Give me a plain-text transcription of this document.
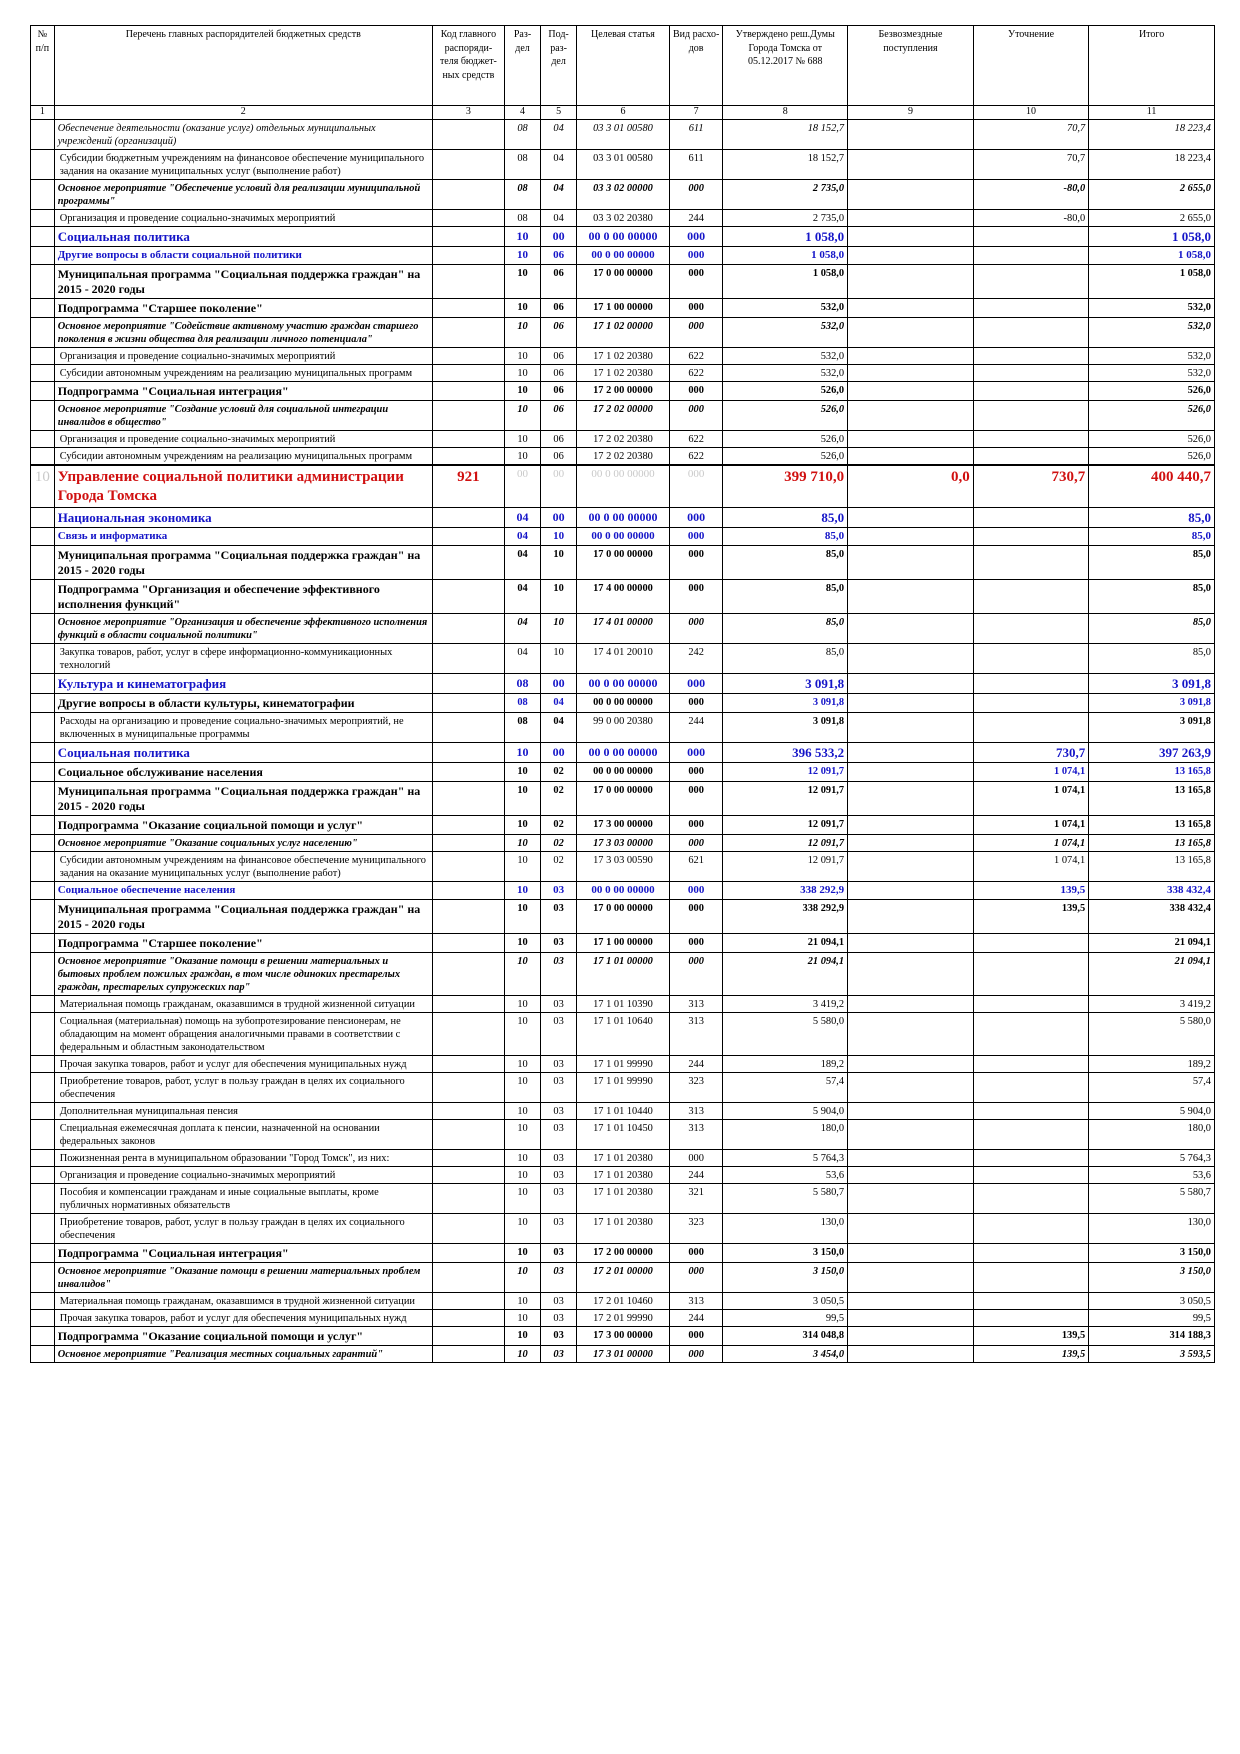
№ п/п	Перечень главных распорядителей бюджетных средств	Код главного распоряди-теля бюджет-ных средств	Раз-дел	Под-раз-дел	Целевая статья	Вид расхо-дов	Утверждено реш.Думы Города Томска от 05.12.2017 № 688	Безвозмездные поступления	Уточнение	Итого
1	2	3	4	5	6	7	8	9	10	11
	Обеспечение деятельности (оказание услуг) отдельных муниципальных учреждений (организаций)		08	04	03 3 01 00580	611	18 152,7		70,7	18 223,4
	Субсидии бюджетным учреждениям на финансовое обеспечение муниципального задания на оказание муниципальных услуг (выполнение работ)		08	04	03 3 01 00580	611	18 152,7		70,7	18 223,4
	Основное мероприятие "Обеспечение условий для реализации муниципальной программы"		08	04	03 3 02 00000	000	2 735,0		-80,0	2 655,0
	Организация и проведение социально-значимых мероприятий		08	04	03 3 02 20380	244	2 735,0		-80,0	2 655,0
	Социальная политика		10	00	00 0 00 00000	000	1 058,0			1 058,0
	Другие вопросы в области социальной политики		10	06	00 0 00 00000	000	1 058,0			1 058,0
	Муниципальная программа "Социальная поддержка граждан" на 2015 - 2020 годы		10	06	17 0 00 00000	000	1 058,0			1 058,0
	Подпрограмма "Старшее поколение"		10	06	17 1 00 00000	000	532,0			532,0
	Основное мероприятие "Содействие активному участию граждан старшего поколения в жизни общества для реализации личного потенциала"		10	06	17 1 02 00000	000	532,0			532,0
	Организация и проведение социально-значимых мероприятий		10	06	17 1 02 20380	622	532,0			532,0
	Субсидии автономным учреждениям на реализацию муниципальных программ		10	06	17 1 02 20380	622	532,0			532,0
	Подпрограмма "Социальная интеграция"		10	06	17 2 00 00000	000	526,0			526,0
	Основное мероприятие "Создание условий для социальной интеграции инвалидов в общество"		10	06	17 2 02 00000	000	526,0			526,0
	Организация и проведение социально-значимых мероприятий		10	06	17 2 02 20380	622	526,0			526,0
	Субсидии автономным учреждениям на реализацию муниципальных программ		10	06	17 2 02 20380	622	526,0			526,0
10	Управление социальной политики администрации Города Томска	921	00	00	00 0 00 00000	000	399 710,0	0,0	730,7	400 440,7
	Национальная экономика		04	00	00 0 00 00000	000	85,0			85,0
	Связь и информатика		04	10	00 0 00 00000	000	85,0			85,0
	Муниципальная программа "Социальная поддержка граждан" на 2015 - 2020 годы		04	10	17 0 00 00000	000	85,0			85,0
	Подпрограмма "Организация и обеспечение эффективного исполнения функций"		04	10	17 4 00 00000	000	85,0			85,0
	Основное мероприятие "Организация и обеспечение эффективного исполнения функций в области социальной политики"		04	10	17 4 01 00000	000	85,0			85,0
	Закупка товаров, работ, услуг в сфере информационно-коммуникационных технологий		04	10	17 4 01 20010	242	85,0			85,0
	Культура и кинематография		08	00	00 0 00 00000	000	3 091,8			3 091,8
	Другие вопросы в области культуры, кинематографии		08	04	00 0 00 00000	000	3 091,8			3 091,8
	Расходы на организацию и проведение социально-значимых мероприятий, не включенных в муниципальные программы		08	04	99 0 00 20380	244	3 091,8			3 091,8
	Социальная политика		10	00	00 0 00 00000	000	396 533,2		730,7	397 263,9
	Социальное обслуживание населения		10	02	00 0 00 00000	000	12 091,7		1 074,1	13 165,8
	Муниципальная программа "Социальная поддержка граждан" на 2015 - 2020 годы		10	02	17 0 00 00000	000	12 091,7		1 074,1	13 165,8
	Подпрограмма "Оказание социальной помощи и услуг"		10	02	17 3 00 00000	000	12 091,7		1 074,1	13 165,8
	Основное мероприятие "Оказание социальных услуг населению"		10	02	17 3 03 00000	000	12 091,7		1 074,1	13 165,8
	Субсидии автономным учреждениям на финансовое обеспечение муниципального задания на оказание муниципальных услуг (выполнение работ)		10	02	17 3 03 00590	621	12 091,7		1 074,1	13 165,8
	Социальное обеспечение населения		10	03	00 0 00 00000	000	338 292,9		139,5	338 432,4
	Муниципальная программа "Социальная поддержка граждан" на 2015 - 2020 годы		10	03	17 0 00 00000	000	338 292,9		139,5	338 432,4
	Подпрограмма "Старшее поколение"		10	03	17 1 00 00000	000	21 094,1			21 094,1
	Основное мероприятие "Оказание помощи в решении материальных и бытовых проблем пожилых граждан, в том числе одиноких престарелых граждан, престарелых супружеских пар"		10	03	17 1 01 00000	000	21 094,1			21 094,1
	Материальная помощь гражданам, оказавшимся в трудной жизненной ситуации		10	03	17 1 01 10390	313	3 419,2			3 419,2
	Социальная (материальная) помощь на зубопротезирование пенсионерам, не обладающим на момент обращения аналогичными правами в соответствии с федеральным и областным законодательством		10	03	17 1 01 10640	313	5 580,0			5 580,0
	Прочая закупка товаров, работ и услуг для обеспечения муниципальных нужд		10	03	17 1 01 99990	244	189,2			189,2
	Приобретение товаров, работ, услуг в пользу граждан в целях их социального обеспечения		10	03	17 1 01 99990	323	57,4			57,4
	Дополнительная муниципальная пенсия		10	03	17 1 01 10440	313	5 904,0			5 904,0
	Специальная ежемесячная доплата к пенсии, назначенной на основании федеральных законов		10	03	17 1 01 10450	313	180,0			180,0
	Пожизненная рента в муниципальном образовании "Город Томск", из них:		10	03	17 1 01 20380	000	5 764,3			5 764,3
	Организация и проведение социально-значимых мероприятий		10	03	17 1 01 20380	244	53,6			53,6
	Пособия и компенсации гражданам и иные социальные выплаты, кроме публичных нормативных обязательств		10	03	17 1 01 20380	321	5 580,7			5 580,7
	Приобретение товаров, работ, услуг в пользу граждан в целях их социального обеспечения		10	03	17 1 01 20380	323	130,0			130,0
	Подпрограмма "Социальная интеграция"		10	03	17 2 00 00000	000	3 150,0			3 150,0
	Основное мероприятие "Оказание помощи в решении материальных проблем инвалидов"		10	03	17 2 01 00000	000	3 150,0			3 150,0
	Материальная помощь гражданам, оказавшимся в трудной жизненной ситуации		10	03	17 2 01 10460	313	3 050,5			3 050,5
	Прочая закупка товаров, работ и услуг для обеспечения муниципальных нужд		10	03	17 2 01 99990	244	99,5			99,5
	Подпрограмма "Оказание социальной помощи и услуг"		10	03	17 3 00 00000	000	314 048,8		139,5	314 188,3
	Основное мероприятие "Реализация местных социальных гарантий"		10	03	17 3 01 00000	000	3 454,0		139,5	3 593,5
